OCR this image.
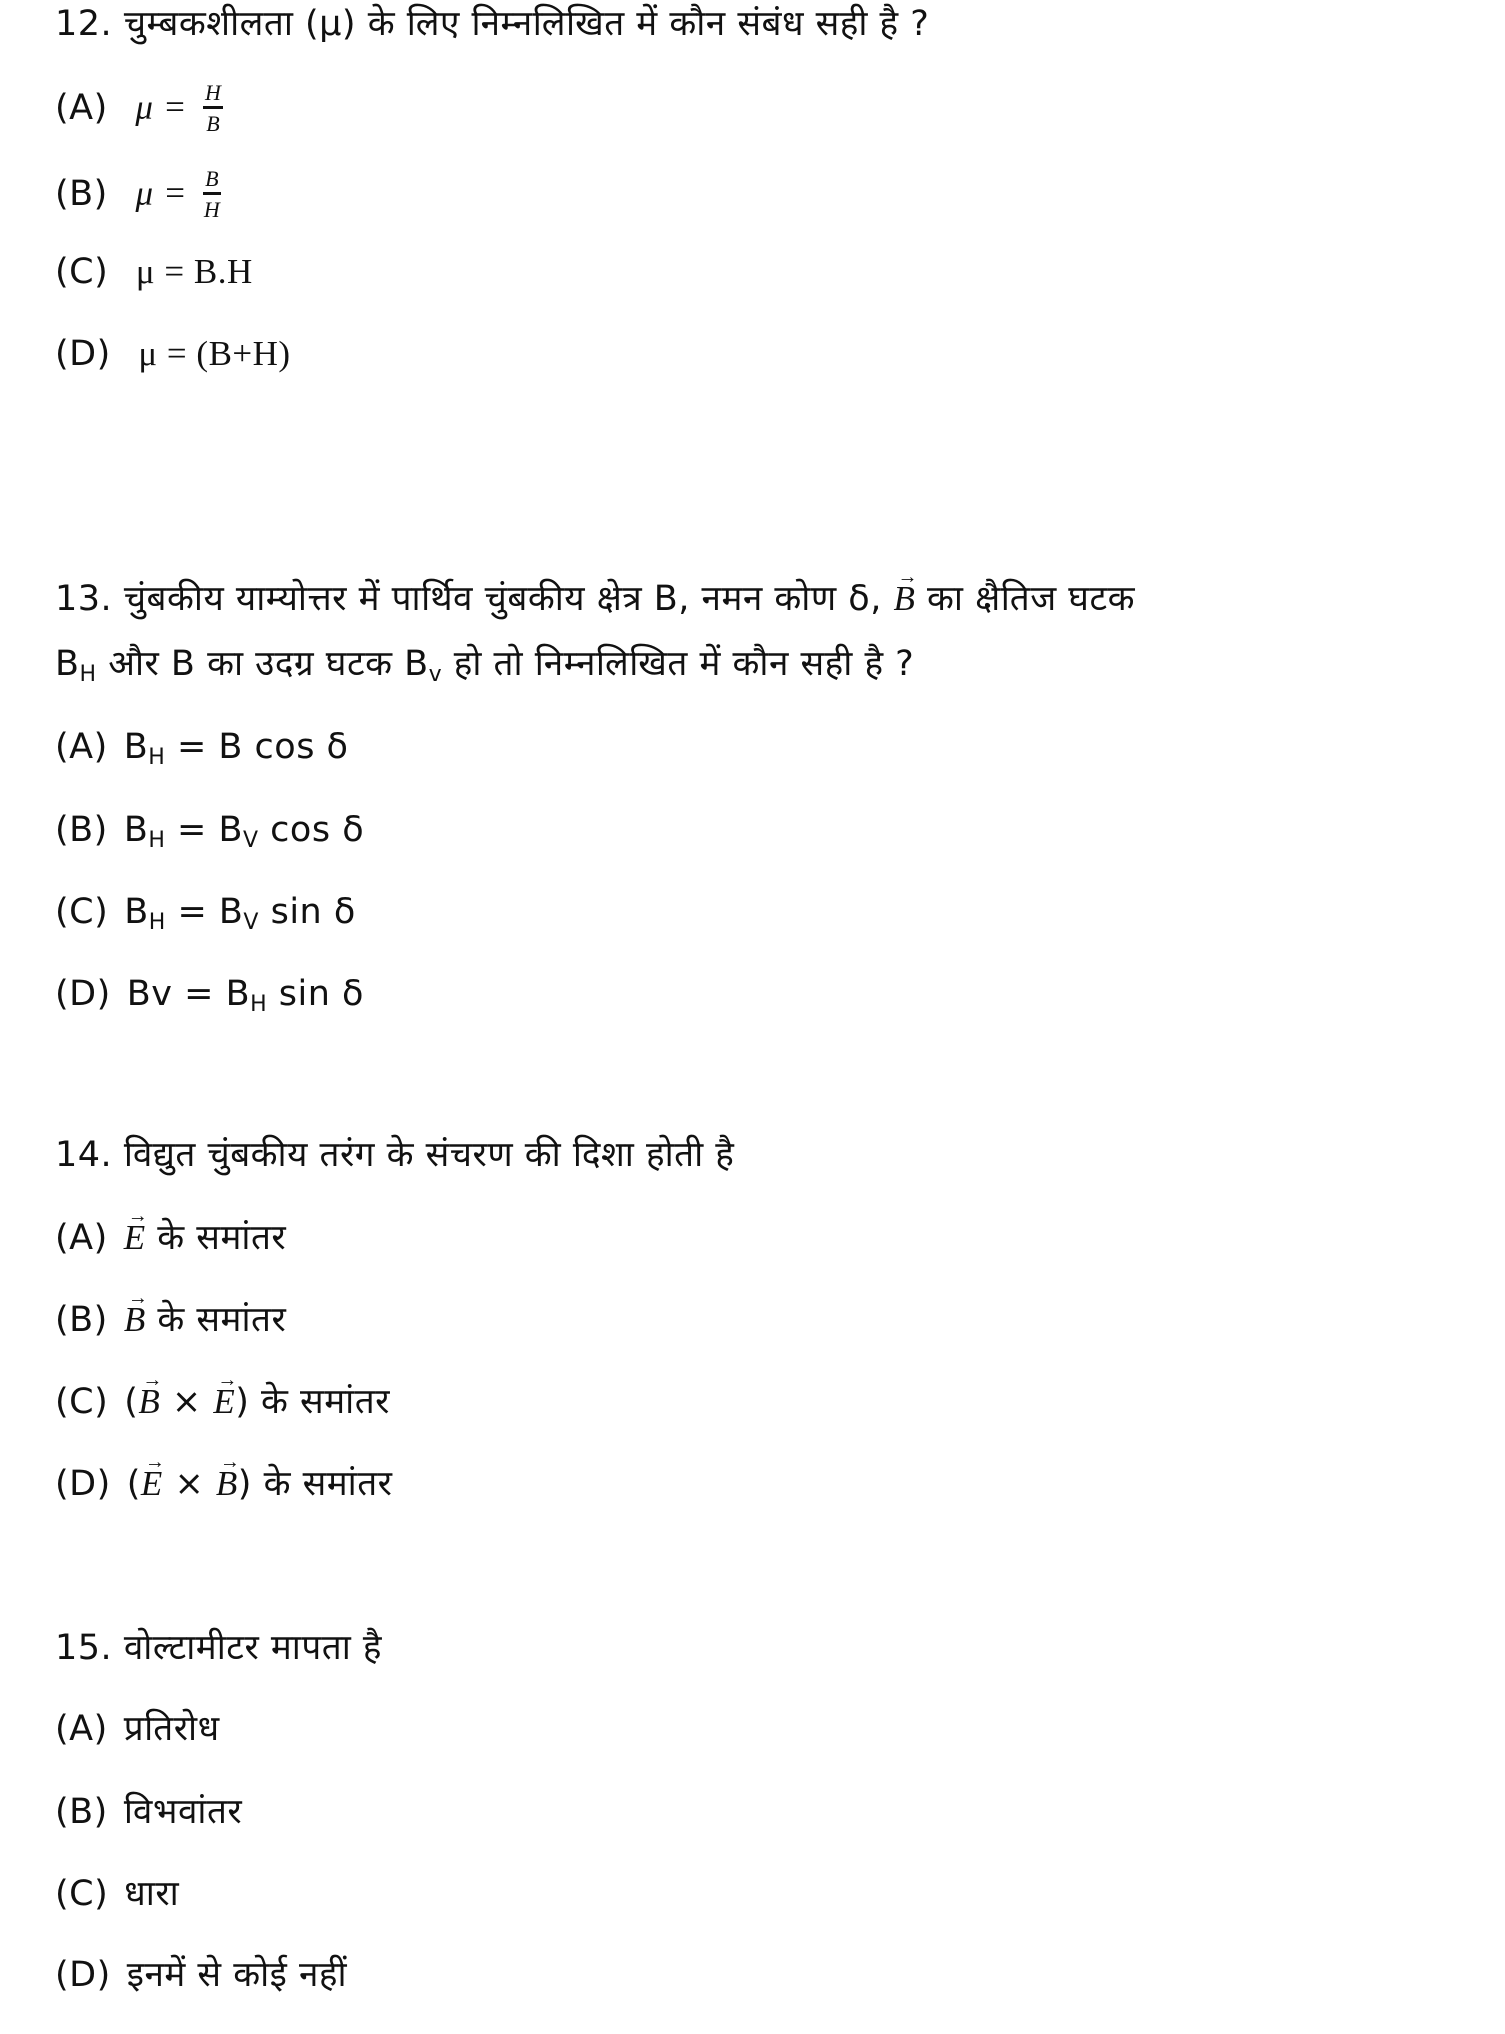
12. चुम्बकशीलता (μ) के लिए निम्नलिखित में कौन संबंध सही है ?
(A) $\mu = \frac{H}{B}$
(B) $\mu = \frac{B}{H}$
(C) μ = B.H
(D) μ = (B+H)
13. चुंबकीय याम्योत्तर में पार्थिव चुंबकीय क्षेत्र B, नमन कोण δ, → B का क्षैतिज घटक
$B_H$ और B का उदग्र घटक $B_v$ हो तो निम्नलिखित में कौन सही है ?
(A) $B_H = B$ cos δ
(B) $B_H = B_V$ cos δ
(C) $B_H = B_V$ sin δ
(D) $Bv = B_H$ sin δ
14. विद्युत चुंबकीय तरंग के संचरण की दिशा होती है
(A) → E के समांतर
(B) → B के समांतर
(C) (→ B × → E) के समांतर
(D) (→ E × → B) के समांतर
15. वोल्टामीटर मापता है
(A) प्रतिरोध
(B) विभवांतर
(C) धारा
(D) इनमें से कोई नहीं
